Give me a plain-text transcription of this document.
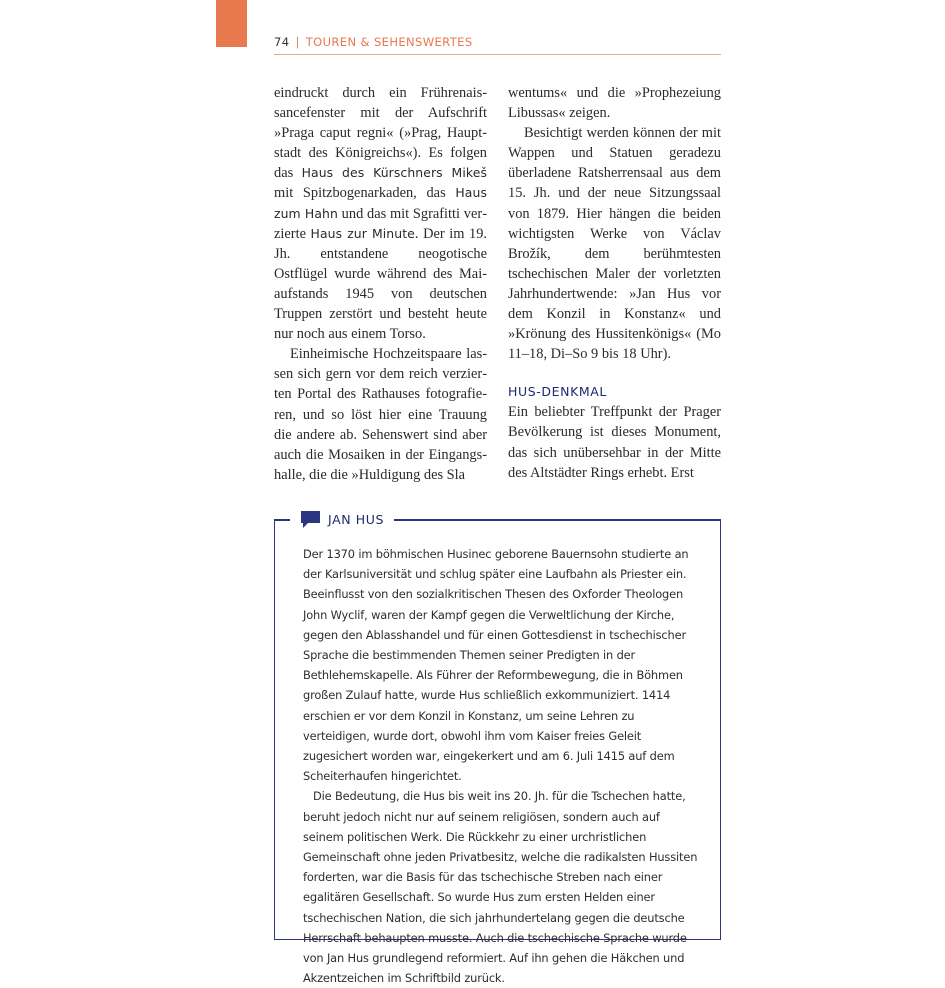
74 | TOUREN & SEHENSWERTES

eindruckt durch ein Frührenaissancefenster mit der Aufschrift »Praga caput regni« (»Prag, Hauptstadt des Königreichs«). Es folgen das Haus des Kürschners Mikeš mit Spitzbogenarkaden, das Haus zum Hahn und das mit Sgrafitti verzierte Haus zur Minute. Der im 19. Jh. entstandene neogotische Ostflügel wurde während des Maiaufstands 1945 von deutschen Truppen zerstört und besteht heute nur noch aus einem Torso.

Einheimische Hochzeitspaare lassen sich gern vor dem reich verzierten Portal des Rathauses fotografieren, und so löst hier eine Trauung die andere ab. Sehenswert sind aber auch die Mosaiken in der Eingangshalle, die die »Huldigung des Sla

wentums« und die »Prophezeiung Libussas« zeigen.

Besichtigt werden können der mit Wappen und Statuen geradezu überladene Ratsherrensaal aus dem 15. Jh. und der neue Sitzungssaal von 1879. Hier hängen die beiden wichtigsten Werke von Václav Brožík, dem berühmtesten tschechischen Maler der vorletzten Jahrhundertwende: »Jan Hus vor dem Konzil in Konstanz« und »Krönung des Hussitenkönigs« (Mo 11–18, Di–So 9 bis 18 Uhr).

HUS-DENKMAL

Ein beliebter Treffpunkt der Prager Bevölkerung ist dieses Monument, das sich unübersehbar in der Mitte des Altstädter Rings erhebt. Erst

JAN HUS

Der 1370 im böhmischen Husinec geborene Bauernsohn studierte an der Karlsuniversität und schlug später eine Laufbahn als Priester ein. Beeinflusst von den sozialkritischen Thesen des Oxforder Theologen John Wyclif, waren der Kampf gegen die Verweltlichung der Kirche, gegen den Ablasshandel und für einen Gottesdienst in tschechischer Sprache die bestimmenden Themen seiner Predigten in der Bethlehemskapelle. Als Führer der Reformbewegung, die in Böhmen großen Zulauf hatte, wurde Hus schließlich exkommuniziert. 1414 erschien er vor dem Konzil in Konstanz, um seine Lehren zu verteidigen, wurde dort, obwohl ihm vom Kaiser freies Geleit zugesichert worden war, eingekerkert und am 6. Juli 1415 auf dem Scheiterhaufen hingerichtet.

Die Bedeutung, die Hus bis weit ins 20. Jh. für die Tschechen hatte, beruht jedoch nicht nur auf seinem religiösen, sondern auch auf seinem politischen Werk. Die Rückkehr zu einer urchristlichen Gemeinschaft ohne jeden Privatbesitz, welche die radikalsten Hussiten forderten, war die Basis für das tschechische Streben nach einer egalitären Gesellschaft. So wurde Hus zum ersten Helden einer tschechischen Nation, die sich jahrhundertelang gegen die deutsche Herrschaft behaupten musste. Auch die tschechische Sprache wurde von Jan Hus grundlegend reformiert. Auf ihn gehen die Häkchen und Akzentzeichen im Schriftbild zurück.
